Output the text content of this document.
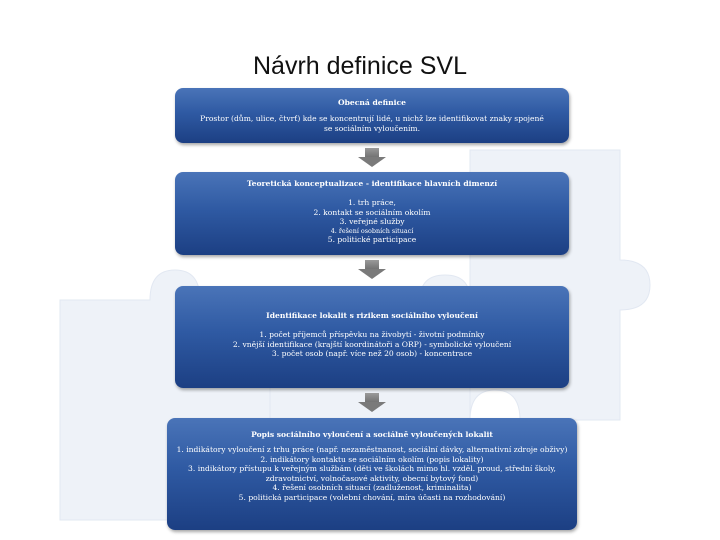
Návrh definice SVL
Obecná definice
Prostor (dům, ulice, čtvrť) kde se koncentrují lidé, u nichž lze identifikovat znaky spojené
se sociálním vyloučením.
Teoretická konceptualizace - identifikace hlavních dimenzí
1. trh práce,
2. kontakt se sociálním okolím
3. veřejné služby
4. řešení osobních situací
5. politické participace
Identifikace lokalit s rizikem sociálního vyloučení
1. počet příjemců příspěvku na živobytí - životní podmínky
2. vnější identifikace (krajští koordinátoři a ORP) - symbolické vyloučení
3. počet osob (např. více než 20 osob) - koncentrace
Popis sociálního vyloučení a sociálně vyloučených lokalit
1. indikátory vyloučení z trhu práce (např. nezaměstnanost, sociální dávky, alternativní zdroje obživy)
2. indikátory kontaktu se sociálním okolím (popis lokality)
3. indikátory přístupu k veřejným službám (děti ve školách mimo hl. vzděl. proud, střední školy, zdravotnictví, volnočasové aktivity, obecní bytový fond)
4. řešení osobních situací (zadluženost, kriminalita)
5. politická participace (volební chování, míra účasti na rozhodování)
